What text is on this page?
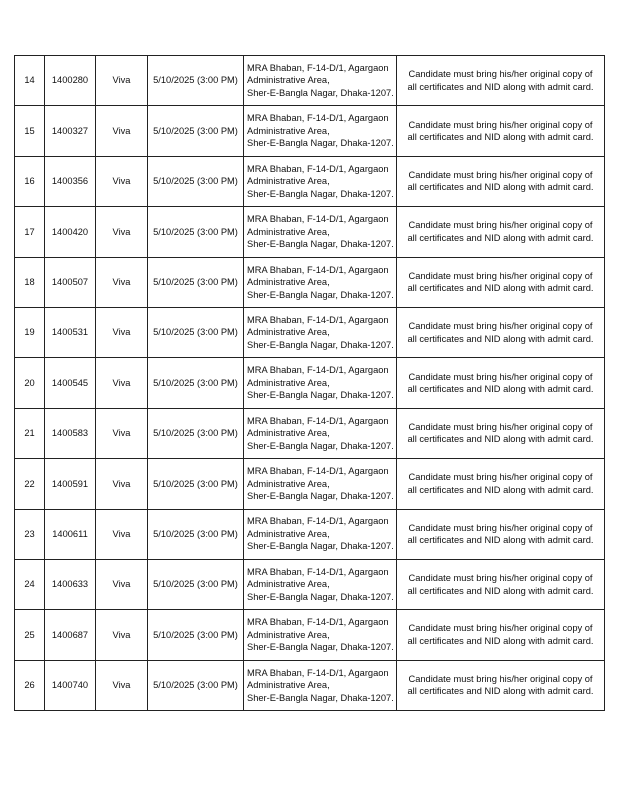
14	1400280	Viva	5/10/2025 (3:00 PM)	MRA Bhaban, F-14-D/1, Agargaon
Administrative Area,
Sher-E-Bangla Nagar, Dhaka-1207.	Candidate must bring his/her original copy of all certificates and NID along with admit card.
15	1400327	Viva	5/10/2025 (3:00 PM)	MRA Bhaban, F-14-D/1, Agargaon
Administrative Area,
Sher-E-Bangla Nagar, Dhaka-1207.	Candidate must bring his/her original copy of all certificates and NID along with admit card.
16	1400356	Viva	5/10/2025 (3:00 PM)	MRA Bhaban, F-14-D/1, Agargaon
Administrative Area,
Sher-E-Bangla Nagar, Dhaka-1207.	Candidate must bring his/her original copy of all certificates and NID along with admit card.
17	1400420	Viva	5/10/2025 (3:00 PM)	MRA Bhaban, F-14-D/1, Agargaon
Administrative Area,
Sher-E-Bangla Nagar, Dhaka-1207.	Candidate must bring his/her original copy of all certificates and NID along with admit card.
18	1400507	Viva	5/10/2025 (3:00 PM)	MRA Bhaban, F-14-D/1, Agargaon
Administrative Area,
Sher-E-Bangla Nagar, Dhaka-1207.	Candidate must bring his/her original copy of all certificates and NID along with admit card.
19	1400531	Viva	5/10/2025 (3:00 PM)	MRA Bhaban, F-14-D/1, Agargaon
Administrative Area,
Sher-E-Bangla Nagar, Dhaka-1207.	Candidate must bring his/her original copy of all certificates and NID along with admit card.
20	1400545	Viva	5/10/2025 (3:00 PM)	MRA Bhaban, F-14-D/1, Agargaon
Administrative Area,
Sher-E-Bangla Nagar, Dhaka-1207.	Candidate must bring his/her original copy of all certificates and NID along with admit card.
21	1400583	Viva	5/10/2025 (3:00 PM)	MRA Bhaban, F-14-D/1, Agargaon
Administrative Area,
Sher-E-Bangla Nagar, Dhaka-1207.	Candidate must bring his/her original copy of all certificates and NID along with admit card.
22	1400591	Viva	5/10/2025 (3:00 PM)	MRA Bhaban, F-14-D/1, Agargaon
Administrative Area,
Sher-E-Bangla Nagar, Dhaka-1207.	Candidate must bring his/her original copy of all certificates and NID along with admit card.
23	1400611	Viva	5/10/2025 (3:00 PM)	MRA Bhaban, F-14-D/1, Agargaon
Administrative Area,
Sher-E-Bangla Nagar, Dhaka-1207.	Candidate must bring his/her original copy of all certificates and NID along with admit card.
24	1400633	Viva	5/10/2025 (3:00 PM)	MRA Bhaban, F-14-D/1, Agargaon
Administrative Area,
Sher-E-Bangla Nagar, Dhaka-1207.	Candidate must bring his/her original copy of all certificates and NID along with admit card.
25	1400687	Viva	5/10/2025 (3:00 PM)	MRA Bhaban, F-14-D/1, Agargaon
Administrative Area,
Sher-E-Bangla Nagar, Dhaka-1207.	Candidate must bring his/her original copy of all certificates and NID along with admit card.
26	1400740	Viva	5/10/2025 (3:00 PM)	MRA Bhaban, F-14-D/1, Agargaon
Administrative Area,
Sher-E-Bangla Nagar, Dhaka-1207.	Candidate must bring his/her original copy of all certificates and NID along with admit card.
